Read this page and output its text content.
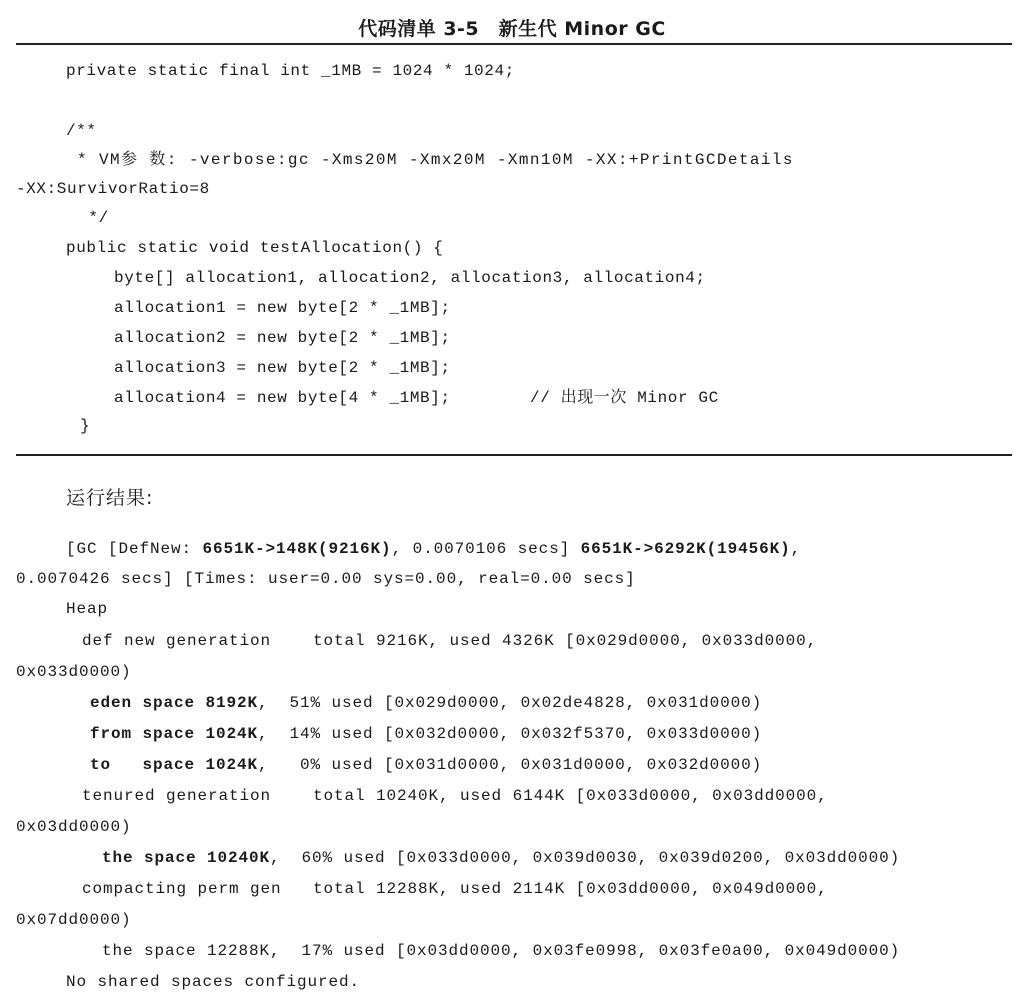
代码清单 3-5　新生代 Minor GC
private static final int _1MB = 1024 * 1024;
/**
* VM参 数: -verbose:gc -Xms20M -Xmx20M -Xmn10M -XX:+PrintGCDetails
-XX:SurvivorRatio=8
*/
public static void testAllocation() {
byte[] allocation1, allocation2, allocation3, allocation4;
allocation1 = new byte[2 * _1MB];
allocation2 = new byte[2 * _1MB];
allocation3 = new byte[2 * _1MB];
allocation4 = new byte[4 * _1MB];	// 出现一次 Minor GC
}
运行结果:
[GC [DefNew: 6651K->148K(9216K), 0.0070106 secs] 6651K->6292K(19456K),
0.0070426 secs] [Times: user=0.00 sys=0.00, real=0.00 secs]
Heap
def new generation    total 9216K, used 4326K [0x029d0000, 0x033d0000,
0x033d0000)
eden space 8192K,  51% used [0x029d0000, 0x02de4828, 0x031d0000)
from space 1024K,  14% used [0x032d0000, 0x032f5370, 0x033d0000)
to   space 1024K,   0% used [0x031d0000, 0x031d0000, 0x032d0000)
tenured generation    total 10240K, used 6144K [0x033d0000, 0x03dd0000,
0x03dd0000)
the space 10240K,  60% used [0x033d0000, 0x039d0030, 0x039d0200, 0x03dd0000)
compacting perm gen   total 12288K, used 2114K [0x03dd0000, 0x049d0000,
0x07dd0000)
the space 12288K,  17% used [0x03dd0000, 0x03fe0998, 0x03fe0a00, 0x049d0000)
No shared spaces configured.
